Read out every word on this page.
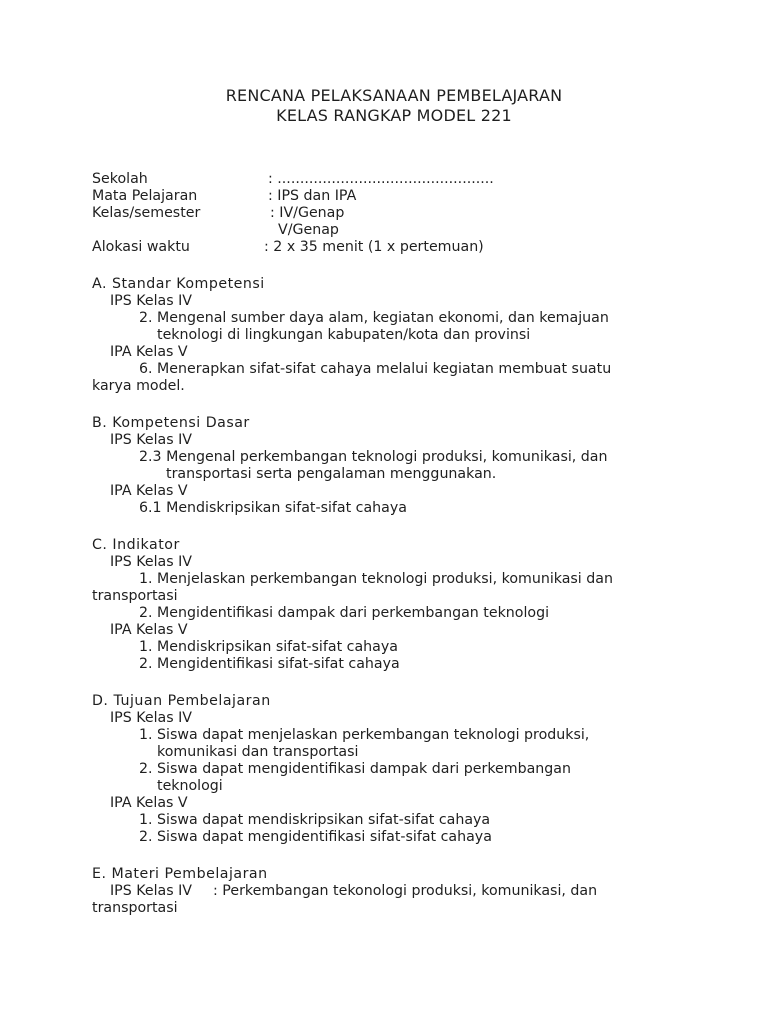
RENCANA PELAKSANAAN PEMBELAJARAN
KELAS RANGKAP MODEL 221
Sekolah	: ................................................
Mata Pelajaran	: IPS dan IPA
Kelas/semester	: IV/Genap
V/Genap
Alokasi waktu	: 2 x 35 menit (1 x pertemuan)
A. Standar Kompetensi
IPS Kelas IV
2. Mengenal sumber daya alam, kegiatan ekonomi, dan kemajuan
teknologi di lingkungan kabupaten/kota dan provinsi
IPA Kelas V
6. Menerapkan sifat-sifat cahaya melalui kegiatan membuat suatu
karya model.
B. Kompetensi Dasar
IPS Kelas IV
2.3 Mengenal perkembangan teknologi produksi, komunikasi, dan
transportasi serta pengalaman menggunakan.
IPA Kelas V
6.1 Mendiskripsikan sifat-sifat cahaya
C. Indikator
IPS Kelas IV
1. Menjelaskan perkembangan teknologi produksi, komunikasi dan
transportasi
2. Mengidentifikasi dampak dari perkembangan teknologi
IPA Kelas V
1. Mendiskripsikan sifat-sifat cahaya
2. Mengidentifikasi sifat-sifat cahaya
D. Tujuan Pembelajaran
IPS Kelas IV
1. Siswa dapat menjelaskan perkembangan teknologi produksi,
komunikasi dan transportasi
2. Siswa dapat mengidentifikasi dampak dari perkembangan
teknologi
IPA Kelas V
1. Siswa dapat mendiskripsikan sifat-sifat cahaya
2. Siswa dapat mengidentifikasi sifat-sifat cahaya
E. Materi Pembelajaran
IPS Kelas IV : Perkembangan tekonologi produksi, komunikasi, dan
transportasi
